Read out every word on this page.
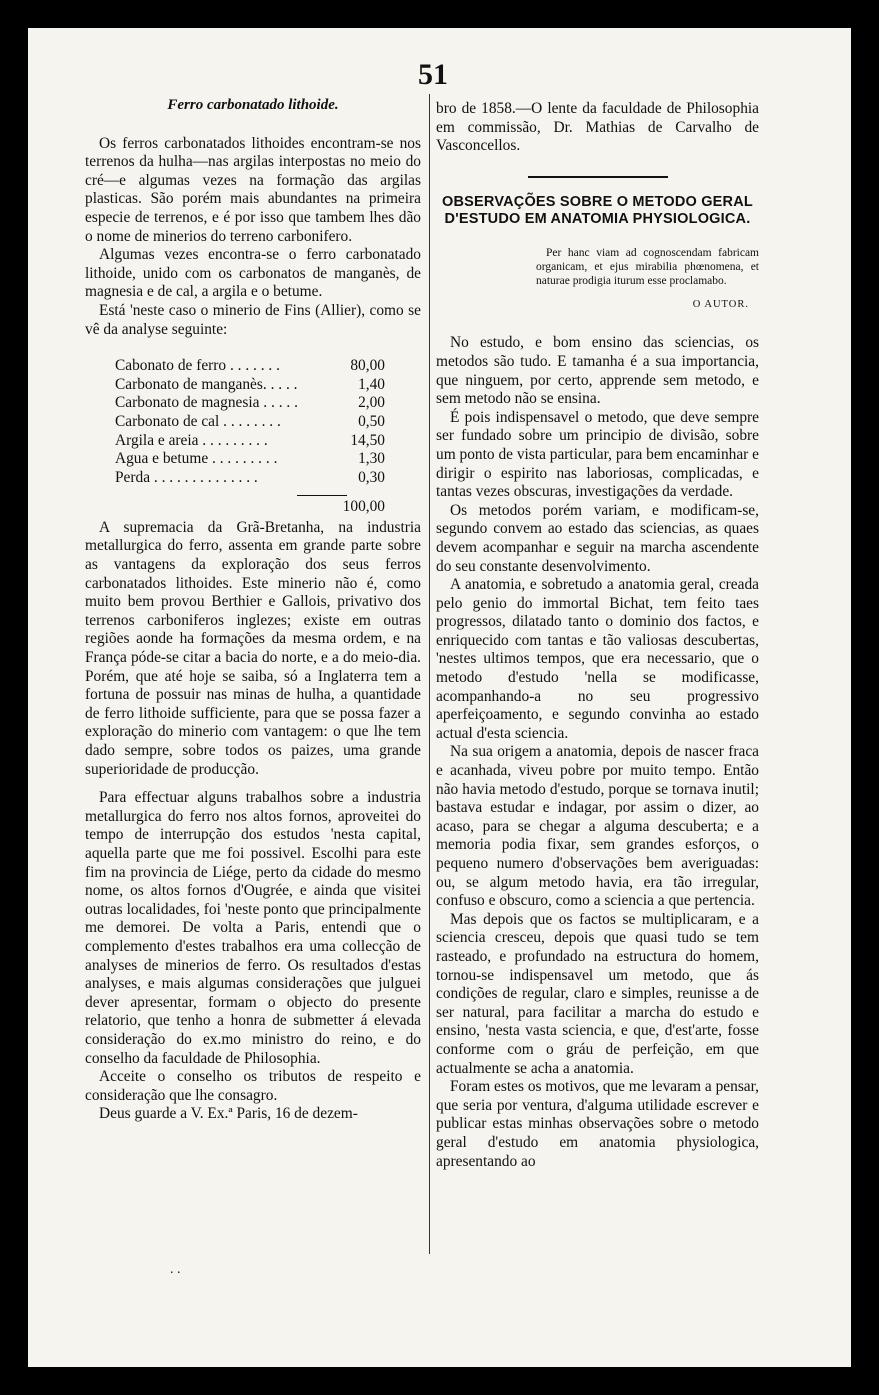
51
Ferro carbonatado lithoide.

Os ferros carbonatados lithoides encontram-se nos terrenos da hulha—nas argilas interpostas no meio do cré—e algumas vezes na formação das argilas plasticas. São porém mais abundantes na primeira especie de terrenos, e é por isso que tambem lhes dão o nome de minerios do terreno carbonifero.

Algumas vezes encontra-se o ferro carbonatado lithoide, unido com os carbonatos de manganès, de magnesia e de cal, a argila e o betume.

Está 'neste caso o minerio de Fins (Allier), como se vê da analyse seguinte:

Cabonato de ferro . . . . . . .	80,00
Carbonato de manganès. . . . .	1,40
Carbonato de magnesia . . . . .	2,00
Carbonato de cal . . . . . . . .	0,50
Argila e areia . . . . . . . . .	14,50
Agua e betume . . . . . . . . .	1,30
Perda . . . . . . . . . . . . . .	0,30
100,00

A supremacia da Grã-Bretanha, na industria metallurgica do ferro, assenta em grande parte sobre as vantagens da exploração dos seus ferros carbonatados lithoides. Este minerio não é, como muito bem provou Berthier e Gallois, privativo dos terrenos carboniferos inglezes; existe em outras regiões aonde ha formações da mesma ordem, e na França póde-se citar a bacia do norte, e a do meio-dia. Porém, que até hoje se saiba, só a Inglaterra tem a fortuna de possuir nas minas de hulha, a quantidade de ferro lithoide sufficiente, para que se possa fazer a exploração do minerio com vantagem: o que lhe tem dado sempre, sobre todos os paizes, uma grande superioridade de producção.

Para effectuar alguns trabalhos sobre a industria metallurgica do ferro nos altos fornos, aproveitei do tempo de interrupção dos estudos 'nesta capital, aquella parte que me foi possivel. Escolhi para este fim na provincia de Liége, perto da cidade do mesmo nome, os altos fornos d'Ougrée, e ainda que visitei outras localidades, foi 'neste ponto que principalmente me demorei. De volta a Paris, entendi que o complemento d'estes trabalhos era uma collecção de analyses de minerios de ferro. Os resultados d'estas analyses, e mais algumas considerações que julguei dever apresentar, formam o objecto do presente relatorio, que tenho a honra de submetter á elevada consideração do ex.mo ministro do reino, e do conselho da faculdade de Philosophia.

Acceite o conselho os tributos de respeito e consideração que lhe consagro.

Deus guarde a V. Ex.ª Paris, 16 de dezem-

. .

bro de 1858.—O lente da faculdade de Philosophia em commissão, Dr. Mathias de Carvalho de Vasconcellos.

OBSERVAÇÕES SOBRE O METODO GERAL D'ESTUDO EM ANATOMIA PHYSIOLOGICA.

Per hanc viam ad cognoscendam fabricam organicam, et ejus mirabilia phœnomena, et naturae prodigia iturum esse proclamabo.

O AUTOR.

No estudo, e bom ensino das sciencias, os metodos são tudo. E tamanha é a sua importancia, que ninguem, por certo, apprende sem metodo, e sem metodo não se ensina.

É pois indispensavel o metodo, que deve sempre ser fundado sobre um principio de divisão, sobre um ponto de vista particular, para bem encaminhar e dirigir o espirito nas laboriosas, complicadas, e tantas vezes obscuras, investigações da verdade.

Os metodos porém variam, e modificam-se, segundo convem ao estado das sciencias, as quaes devem acompanhar e seguir na marcha ascendente do seu constante desenvolvimento.

A anatomia, e sobretudo a anatomia geral, creada pelo genio do immortal Bichat, tem feito taes progressos, dilatado tanto o dominio dos factos, e enriquecido com tantas e tão valiosas descubertas, 'nestes ultimos tempos, que era necessario, que o metodo d'estudo 'nella se modificasse, acompanhando-a no seu progressivo aperfeiçoamento, e segundo convinha ao estado actual d'esta sciencia.

Na sua origem a anatomia, depois de nascer fraca e acanhada, viveu pobre por muito tempo. Então não havia metodo d'estudo, porque se tornava inutil; bastava estudar e indagar, por assim o dizer, ao acaso, para se chegar a alguma descuberta; e a memoria podia fixar, sem grandes esforços, o pequeno numero d'observações bem averiguadas: ou, se algum metodo havia, era tão irregular, confuso e obscuro, como a sciencia a que pertencia.

Mas depois que os factos se multiplicaram, e a sciencia cresceu, depois que quasi tudo se tem rasteado, e profundado na estructura do homem, tornou-se indispensavel um metodo, que ás condições de regular, claro e simples, reunisse a de ser natural, para facilitar a marcha do estudo e ensino, 'nesta vasta sciencia, e que, d'est'arte, fosse conforme com o gráu de perfeição, em que actualmente se acha a anatomia.

Foram estes os motivos, que me levaram a pensar, que seria por ventura, d'alguma utilidade escrever e publicar estas minhas observações sobre o metodo geral d'estudo em anatomia physiologica, apresentando ao
